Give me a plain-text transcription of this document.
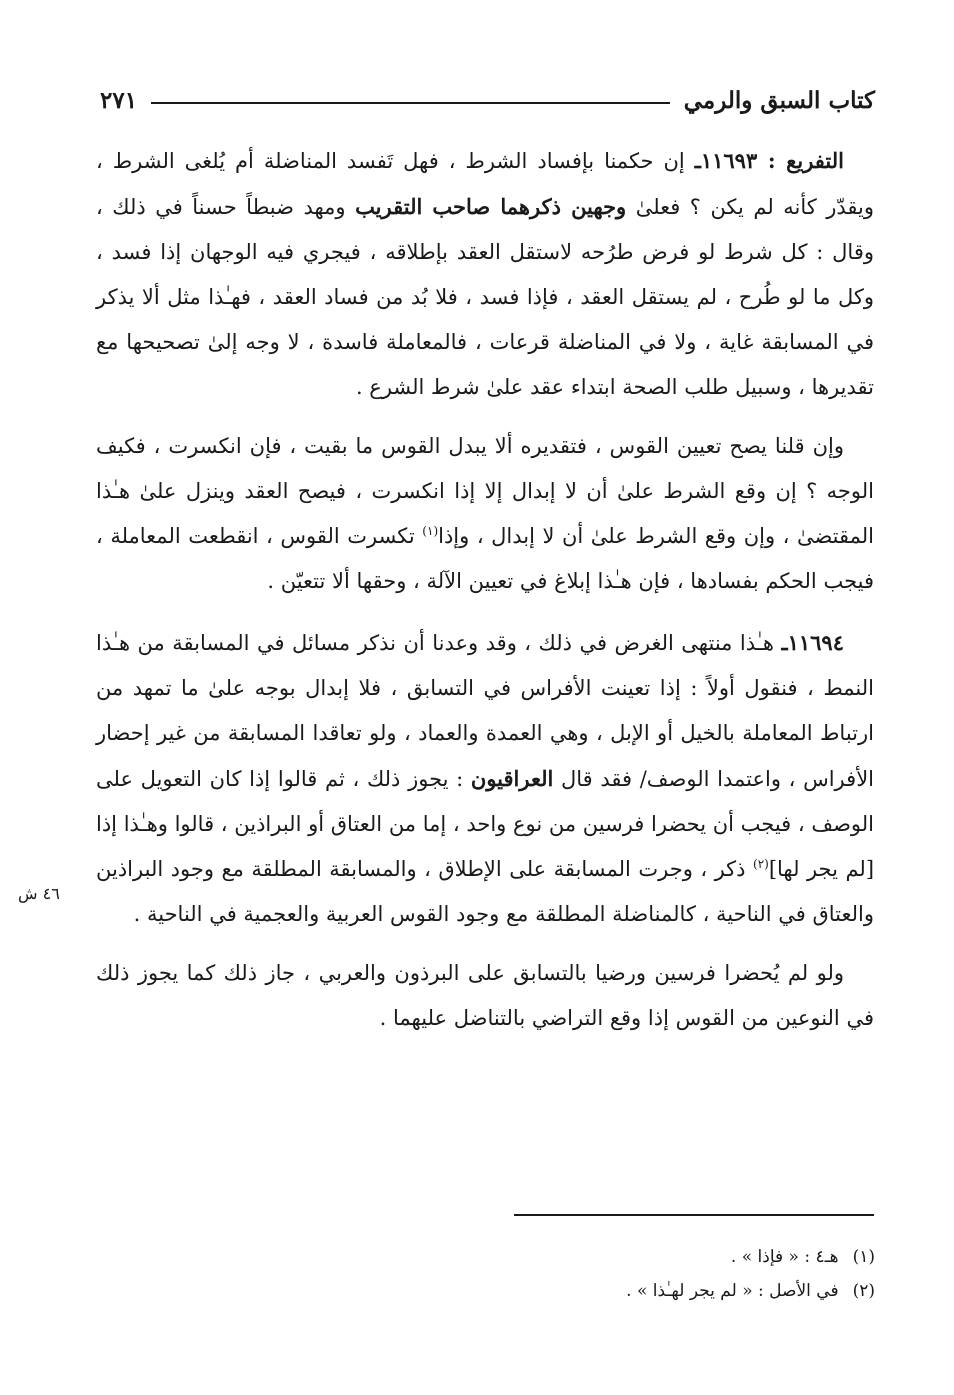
كتاب السبق والرمي
٢٧١

التفريع : ١١٦٩٣ـ إن حكمنا بإفساد الشرط ، فهل تَفسد المناضلة أم يُلغى الشرط ، ويقدّر كأنه لم يكن ؟ فعلىٰ وجهين ذكرهما صاحب التقريب ومهد ضبطاً حسناً في ذلك ، وقال : كل شرط لو فرض طرُحه لاستقل العقد بإطلاقه ، فيجري فيه الوجهان إذا فسد ، وكل ما لو طُرح ، لم يستقل العقد ، فإذا فسد ، فلا بُد من فساد العقد ، فهـٰذا مثل ألا يذكر في المسابقة غاية ، ولا في المناضلة قرعات ، فالمعاملة فاسدة ، لا وجه إلىٰ تصحيحها مع تقديرها ، وسبيل طلب الصحة ابتداء عقد علىٰ شرط الشرع .

وإن قلنا يصح تعيين القوس ، فتقديره ألا يبدل القوس ما بقيت ، فإن انكسرت ، فكيف الوجه ؟ إن وقع الشرط علىٰ أن لا إبدال إلا إذا انكسرت ، فيصح العقد وينزل علىٰ هـٰذا المقتضىٰ ، وإن وقع الشرط علىٰ أن لا إبدال ، وإذا$^{(١)}$ تكسرت القوس ، انقطعت المعاملة ، فيجب الحكم بفسادها ، فإن هـٰذا إبلاغ في تعيين الآلة ، وحقها ألا تتعيّن .

١١٦٩٤ـ هـٰذا منتهى الغرض في ذلك ، وقد وعدنا أن نذكر مسائل في المسابقة من هـٰذا النمط ، فنقول أولاً : إذا تعينت الأفراس في التسابق ، فلا إبدال بوجه علىٰ ما تمهد من ارتباط المعاملة بالخيل أو الإبل ، وهي العمدة والعماد ، ولو تعاقدا المسابقة من غير إحضار الأفراس ، واعتمدا الوصف/ فقد قال العراقيون : يجوز ذلك ، ثم قالوا إذا كان التعويل على الوصف ، فيجب أن يحضرا فرسين من نوع واحد ، إما من العتاق أو البراذين ، قالوا وهـٰذا إذا [لم يجر لها]$^{(٢)}$ ذكر ، وجرت المسابقة على الإطلاق ، والمسابقة المطلقة مع وجود البراذين والعتاق في الناحية ، كالمناضلة المطلقة مع وجود القوس العربية والعجمية في الناحية .

ولو لم يُحضرا فرسين ورضيا بالتسابق على البرذون والعربي ، جاز ذلك كما يجوز ذلك في النوعين من القوس إذا وقع التراضي بالتناضل عليهما .

٤٦ ش
(١)هـ٤ : « فإذا » .
(٢)في الأصل : « لم يجر لهـٰذا » .
